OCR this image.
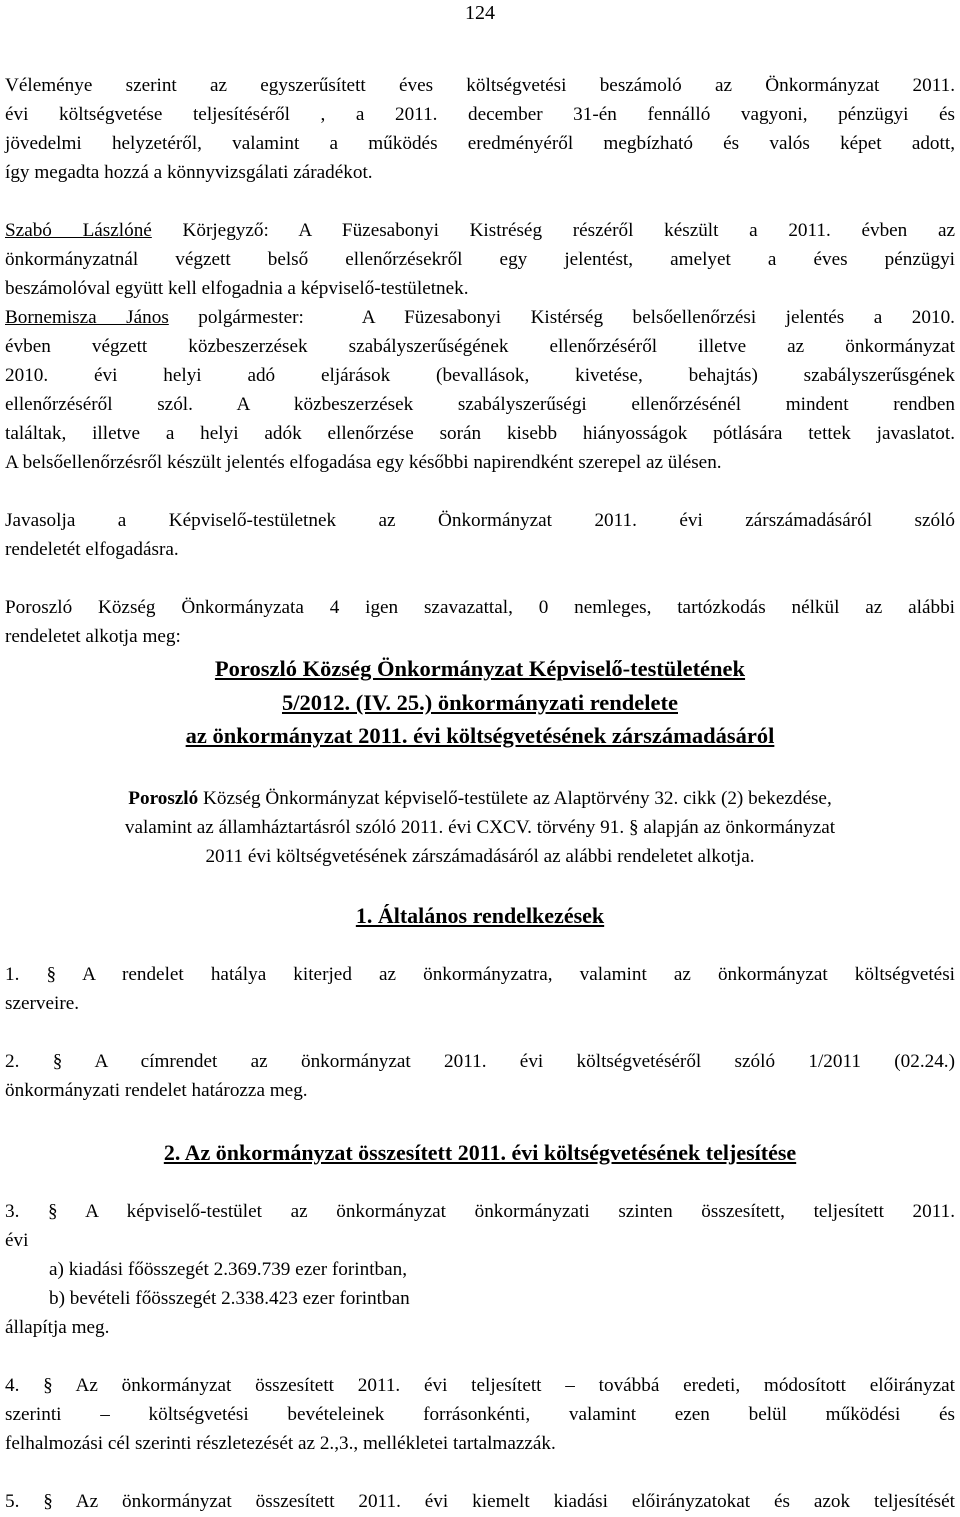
124
Véleménye szerint az egyszerűsített éves költségvetési beszámoló az Önkormányzat 2011.
évi költségvetése teljesítéséről , a 2011. december 31-én fennálló vagyoni, pénzügyi és
jövedelmi helyzetéről, valamint a működés eredményéről megbízható és valós képet adott,
így megadta hozzá a könnyvizsgálati záradékot.
Szabó Lászlóné Körjegyző: A Füzesabonyi Kistréség részéről készült a 2011. évben az
önkormányzatnál végzett belső ellenőrzésekről egy jelentést, amelyet a éves pénzügyi
beszámolóval együtt kell elfogadnia a képviselő-testületnek.
Bornemisza János polgármester:  A Füzesabonyi Kistérség belsőellenőrzési jelentés a 2010.
évben végzett közbeszerzések szabályszerűségének ellenőrzéséről illetve az önkormányzat
2010. évi helyi adó eljárások (bevallások, kivetése, behajtás) szabályszerűsgének
ellenőrzéséről szól. A közbeszerzések szabályszerűségi ellenőrzésénél mindent rendben
találtak, illetve a helyi adók ellenőrzése során kisebb hiányosságok pótlására tettek javaslatot.
A belsőellenőrzésről készült jelentés elfogadása egy későbbi napirendként szerepel az ülésen.
Javasolja a Képviselő-testületnek az Önkormányzat 2011. évi zárszámadásáról szóló
rendeletét elfogadásra.
Poroszló Község Önkormányzata 4 igen szavazattal, 0 nemleges, tartózkodás nélkül az alábbi
rendeletet alkotja meg:
Poroszló Község Önkormányzat Képviselő-testületének
5/2012. (IV. 25.) önkormányzati rendelete
az önkormányzat 2011. évi költségvetésének zárszámadásáról
Poroszló Község Önkormányzat képviselő-testülete az Alaptörvény 32. cikk (2) bekezdése,
valamint az államháztartásról szóló 2011. évi CXCV. törvény 91. § alapján az önkormányzat
2011 évi költségvetésének zárszámadásáról az alábbi rendeletet alkotja.
1. Általános rendelkezések
1. § A rendelet hatálya kiterjed az önkormányzatra, valamint az önkormányzat költségvetési
szerveire.
2. § A címrendet az önkormányzat 2011. évi költségvetéséről szóló 1/2011 (02.24.)
önkormányzati rendelet határozza meg.
2. Az önkormányzat összesített 2011. évi költségvetésének teljesítése
3. § A képviselő-testület az önkormányzat önkormányzati szinten összesített, teljesített 2011.
évi
a) kiadási főösszegét 2.369.739 ezer forintban,
b) bevételi főösszegét 2.338.423 ezer forintban
állapítja meg.
4. § Az önkormányzat összesített 2011. évi teljesített – továbbá eredeti, módosított előirányzat
szerinti – költségvetési bevételeinek forrásonkénti, valamint ezen belül működési és
felhalmozási cél szerinti részletezését az 2.,3., mellékletei tartalmazzák.
5. § Az önkormányzat összesített 2011. évi kiemelt kiadási előirányzatokat és azok teljesítését
